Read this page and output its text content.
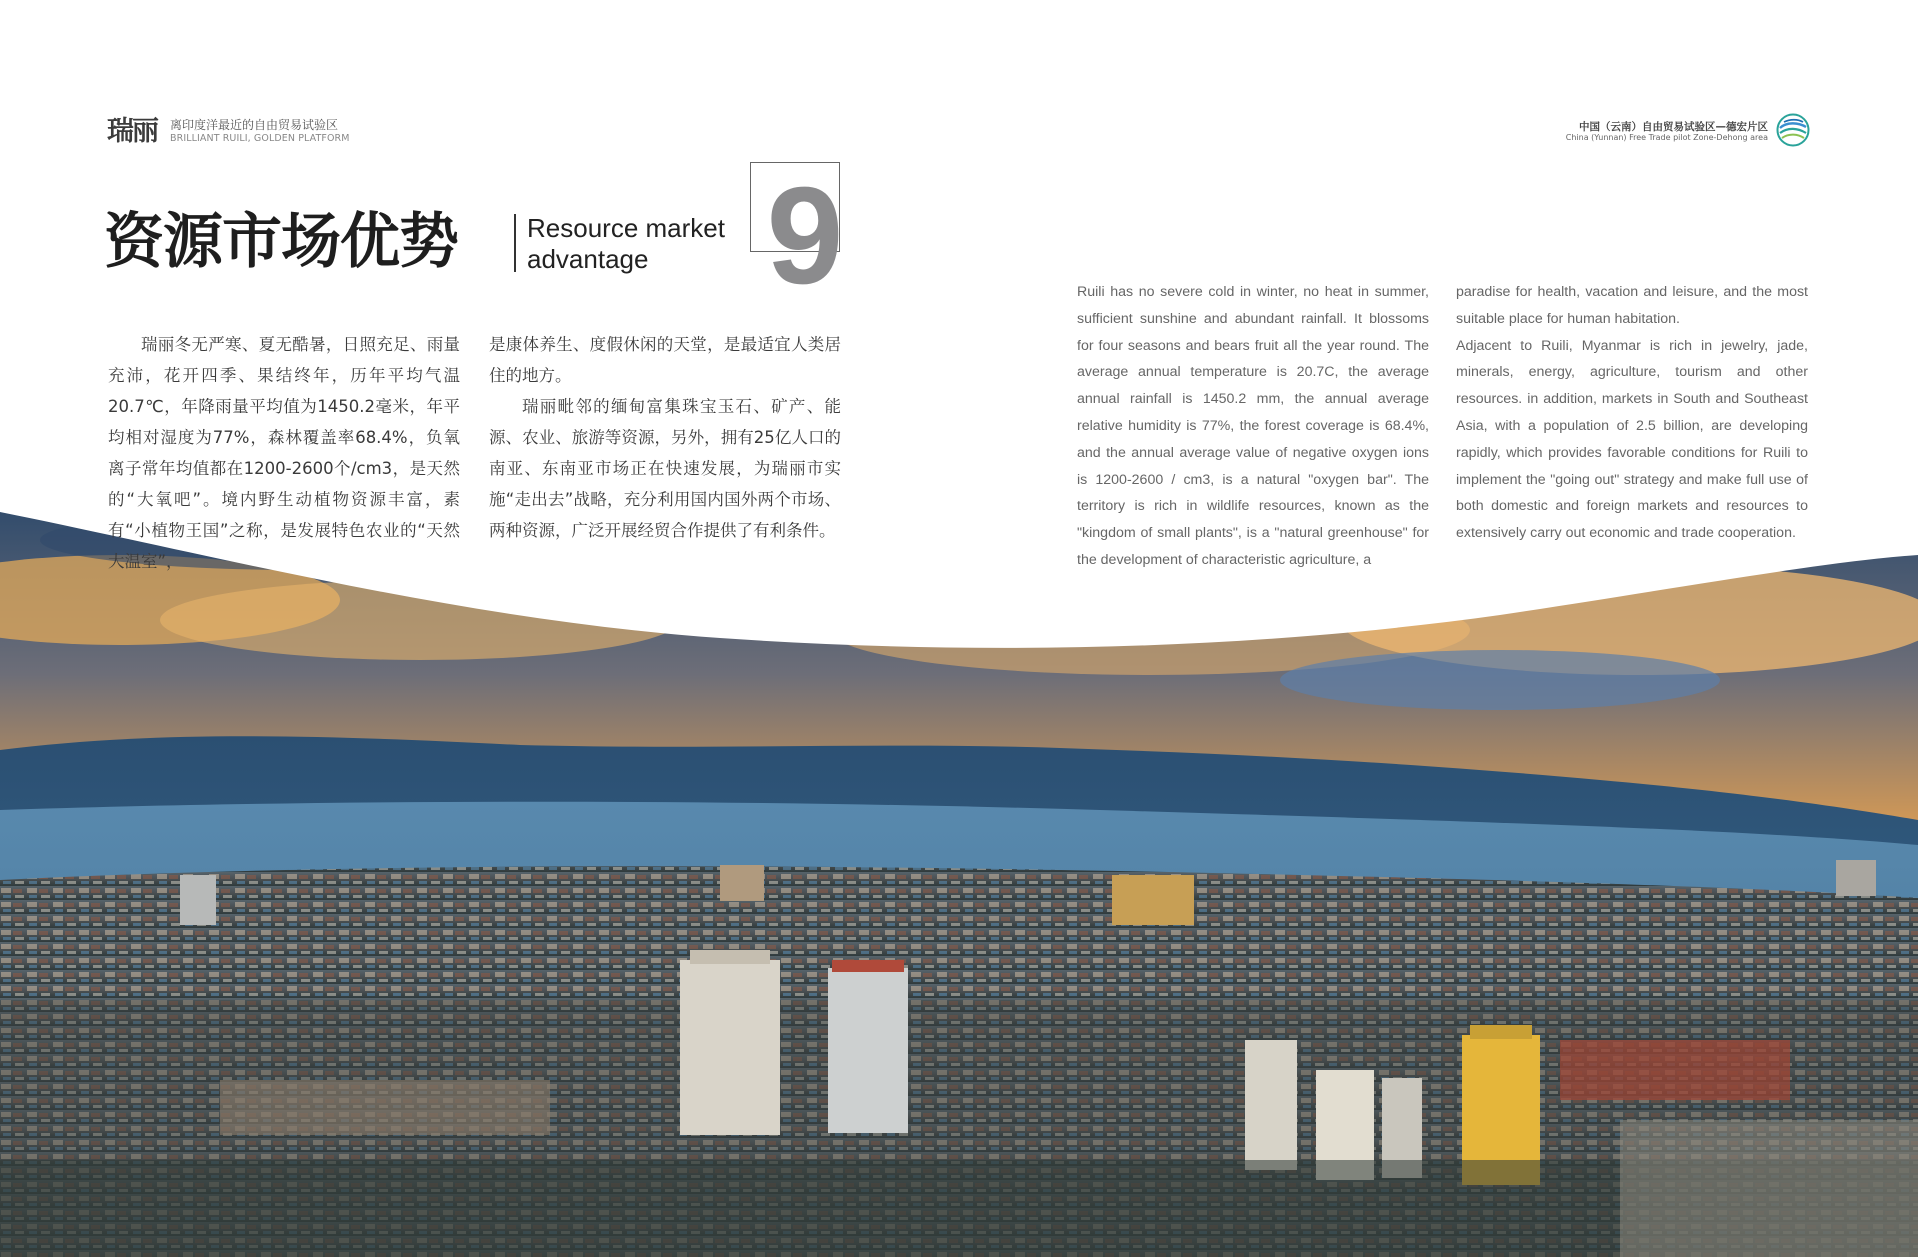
瑞丽	离印度洋最近的自由贸易试验区
BRILLIANT RUILI, GOLDEN PLATFORM
中国（云南）自由贸易试验区—德宏片区
China (Yunnan) Free Trade pilot Zone-Dehong area
资源市场优势	Resource market
advantage 9

瑞丽冬无严寒、夏无酷暑，日照充足、雨量充沛，花开四季、果结终年，历年平均气温20.7℃，年降雨量平均值为1450.2毫米，年平均相对湿度为77%，森林覆盖率68.4%，负氧离子常年均值都在1200-2600个/cm3，是天然的“大氧吧”。境内野生动植物资源丰富，素有“小植物王国”之称，是发展特色农业的“天然大温室”，

是康体养生、度假休闲的天堂，是最适宜人类居住的地方。

瑞丽毗邻的缅甸富集珠宝玉石、矿产、能源、农业、旅游等资源，另外，拥有25亿人口的南亚、东南亚市场正在快速发展，为瑞丽市实施“走出去”战略，充分利用国内国外两个市场、两种资源，广泛开展经贸合作提供了有利条件。

Ruili has no severe cold in winter, no heat in summer, sufficient sunshine and abundant rainfall. It blossoms for four seasons and bears fruit all the year round. The average annual temperature is 20.7C, the average annual rainfall is 1450.2 mm, the annual average relative humidity is 77%, the forest coverage is 68.4%, and the annual average value of negative oxygen ions is 1200-2600 / cm3, is a natural "oxygen bar". The territory is rich in wildlife resources, known as the "kingdom of small plants", is a "natural greenhouse" for the development of characteristic agriculture, a

paradise for health, vacation and leisure, and the most suitable place for human habitation.

Adjacent to Ruili, Myanmar is rich in jewelry, jade, minerals, energy, agriculture, tourism and other resources. in addition, markets in South and Southeast Asia, with a population of 2.5 billion, are developing rapidly, which provides favorable conditions for Ruili to implement the "going out" strategy and make full use of both domestic and foreign markets and resources to extensively carry out economic and trade cooperation.
